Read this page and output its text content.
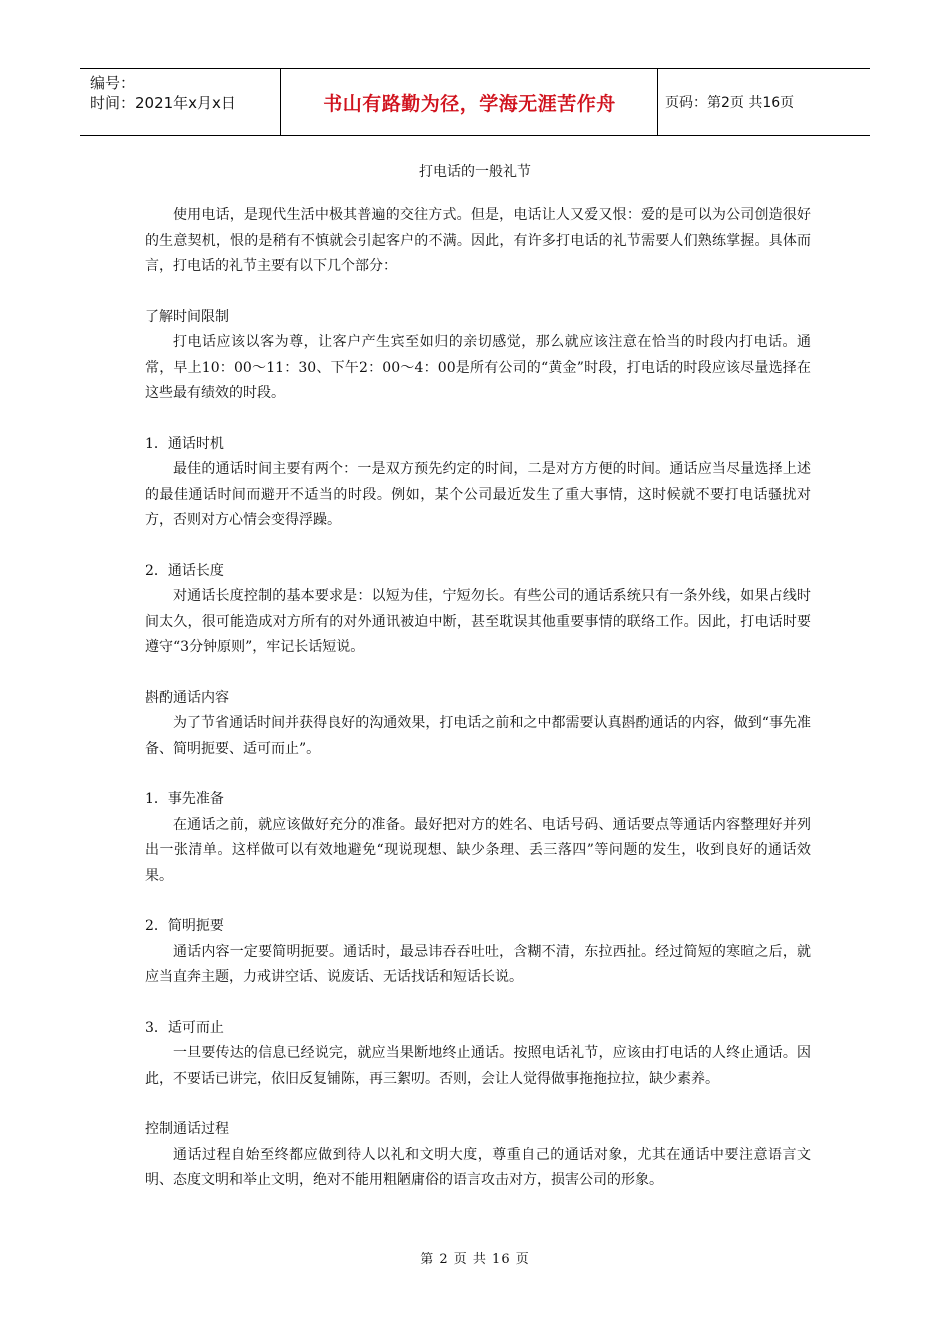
编号：
时间：2021年x月x日	书山有路勤为径，学海无涯苦作舟	页码：第2页 共16页
打电话的一般礼节

使用电话，是现代生活中极其普遍的交往方式。但是，电话让人又爱又恨：爱的是可以为公司创造很好的生意契机，恨的是稍有不慎就会引起客户的不满。因此，有许多打电话的礼节需要人们熟练掌握。具体而言，打电话的礼节主要有以下几个部分：

了解时间限制

打电话应该以客为尊，让客户产生宾至如归的亲切感觉，那么就应该注意在恰当的时段内打电话。通常，早上10：00～11：30、下午2：00～4：00是所有公司的“黄金”时段，打电话的时段应该尽量选择在这些最有绩效的时段。

1．通话时机

最佳的通话时间主要有两个：一是双方预先约定的时间，二是对方方便的时间。通话应当尽量选择上述的最佳通话时间而避开不适当的时段。例如，某个公司最近发生了重大事情，这时候就不要打电话骚扰对方，否则对方心情会变得浮躁。

2．通话长度

对通话长度控制的基本要求是：以短为佳，宁短勿长。有些公司的通话系统只有一条外线，如果占线时间太久，很可能造成对方所有的对外通讯被迫中断，甚至耽误其他重要事情的联络工作。因此，打电话时要遵守“3分钟原则”，牢记长话短说。

斟酌通话内容

为了节省通话时间并获得良好的沟通效果，打电话之前和之中都需要认真斟酌通话的内容，做到“事先准备、简明扼要、适可而止”。

1．事先准备

在通话之前，就应该做好充分的准备。最好把对方的姓名、电话号码、通话要点等通话内容整理好并列出一张清单。这样做可以有效地避免“现说现想、缺少条理、丢三落四”等问题的发生，收到良好的通话效果。

2．简明扼要

通话内容一定要简明扼要。通话时，最忌讳吞吞吐吐，含糊不清，东拉西扯。经过简短的寒暄之后，就应当直奔主题，力戒讲空话、说废话、无话找话和短话长说。

3．适可而止

一旦要传达的信息已经说完，就应当果断地终止通话。按照电话礼节，应该由打电话的人终止通话。因此，不要话已讲完，依旧反复铺陈，再三絮叨。否则，会让人觉得做事拖拖拉拉，缺少素养。

控制通话过程

通话过程自始至终都应做到待人以礼和文明大度，尊重自己的通话对象，尤其在通话中要注意语言文明、态度文明和举止文明，绝对不能用粗陋庸俗的语言攻击对方，损害公司的形象。

第 2 页 共 16 页
